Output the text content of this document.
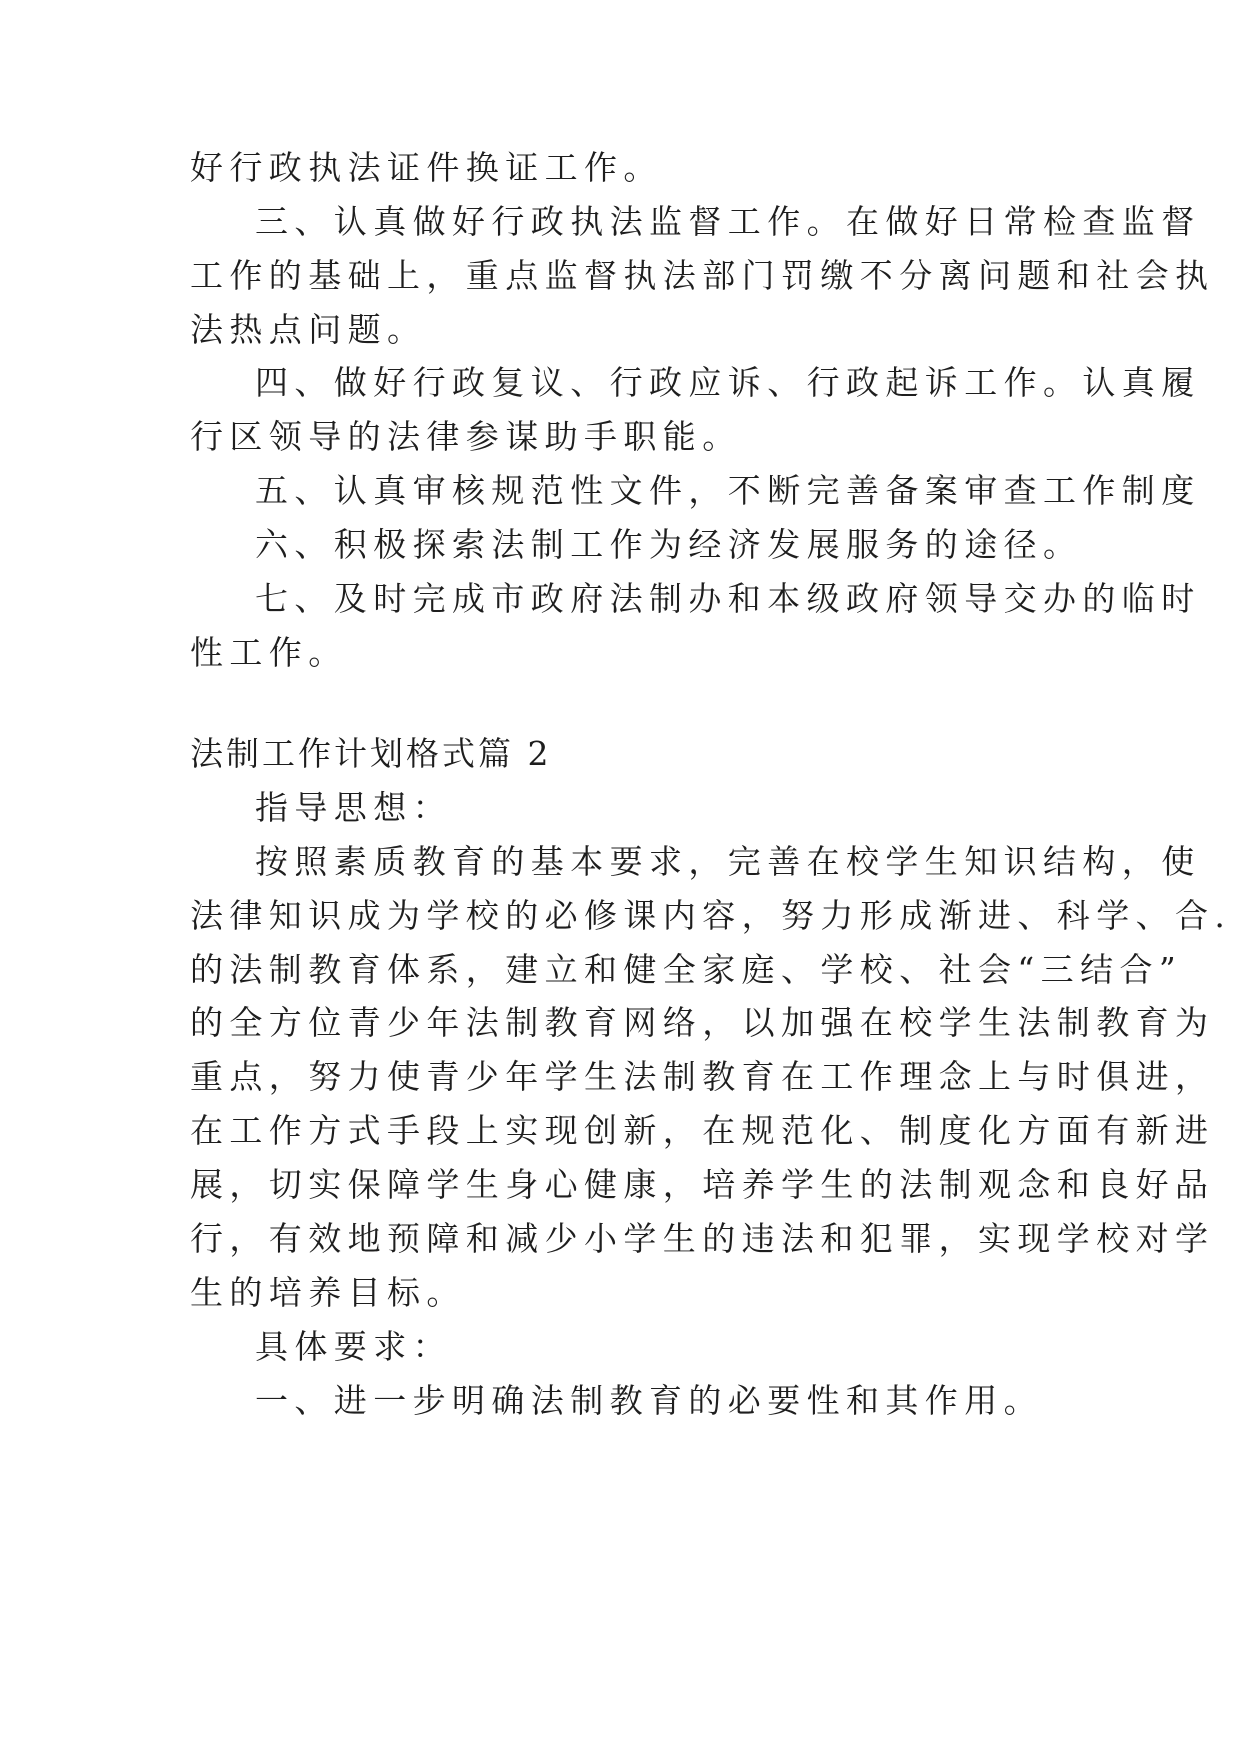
好行政执法证件换证工作。

三、认真做好行政执法监督工作。在做好日常检查监督

工作的基础上，重点监督执法部门罚缴不分离问题和社会执

法热点问题。

四、做好行政复议、行政应诉、行政起诉工作。认真履

行区领导的法律参谋助手职能。

五、认真审核规范性文件，不断完善备案审查工作制度

六、积极探索法制工作为经济发展服务的途径。

七、及时完成市政府法制办和本级政府领导交办的临时

性工作。

法制工作计划格式篇 2

指导思想：

按照素质教育的基本要求，完善在校学生知识结构，使

法律知识成为学校的必修课内容，努力形成渐进、科学、合.

的法制教育体系，建立和健全家庭、学校、社会“三结合”

的全方位青少年法制教育网络，以加强在校学生法制教育为

重点，努力使青少年学生法制教育在工作理念上与时俱进，

在工作方式手段上实现创新，在规范化、制度化方面有新进

展，切实保障学生身心健康，培养学生的法制观念和良好品

行，有效地预障和减少小学生的违法和犯罪，实现学校对学

生的培养目标。

具体要求：

一、进一步明确法制教育的必要性和其作用。
